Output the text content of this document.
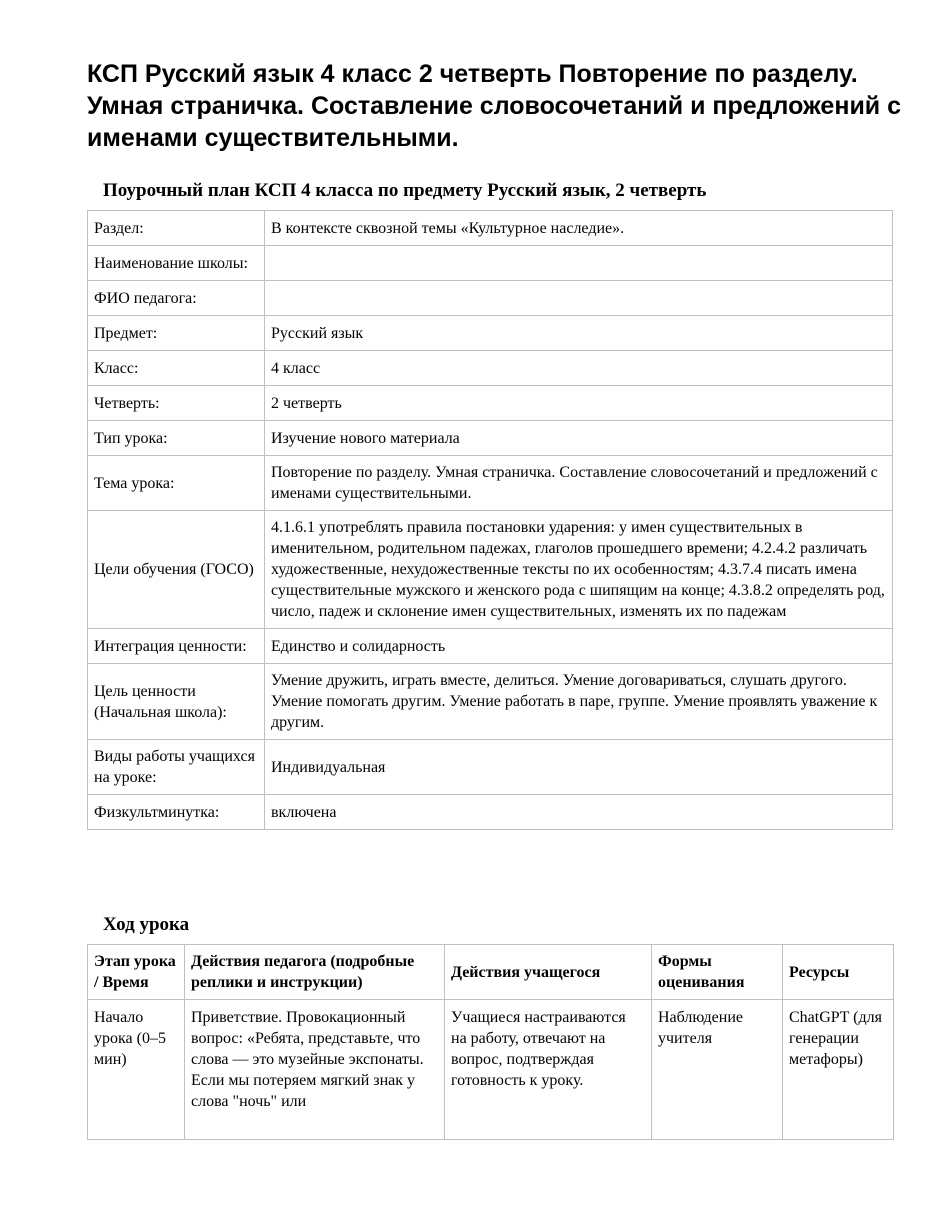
КСП Русский язык 4 класс 2 четверть Повторение по разделу. Умная страничка. Составление словосочетаний и предложений с именами существительными.
Поурочный план КСП 4 класса по предмету Русский язык, 2 четверть
Раздел:	В контексте сквозной темы «Культурное наследие».
Наименование школы:	
ФИО педагога:	
Предмет:	Русский язык
Класс:	4 класс
Четверть:	2 четверть
Тип урока:	Изучение нового материала
Тема урока:	Повторение по разделу. Умная страничка. Составление словосочетаний и предложений с именами существительными.
Цели обучения (ГОСО)	4.1.6.1 употреблять правила постановки ударения: у имен существительных в именительном, родительном падежах, глаголов прошедшего времени; 4.2.4.2 различать художественные, нехудожественные тексты по их особенностям; 4.3.7.4 писать имена существительные мужского и женского рода с шипящим на конце; 4.3.8.2 определять род, число, падеж и склонение имен существительных, изменять их по падежам
Интеграция ценности:	Единство и солидарность
Цель ценности (Начальная школа):	Умение дружить, играть вместе, делиться. Умение договариваться, слушать другого. Умение помогать другим. Умение работать в паре, группе. Умение проявлять уважение к другим.
Виды работы учащихся на уроке:	Индивидуальная
Физкультминутка:	включена
Ход урока
Этап урока / Время	Действия педагога (подробные реплики и инструкции)	Действия учащегося	Формы оценивания	Ресурсы
Начало урока (0–5 мин)	Приветствие. Провокационный вопрос: «Ребята, представьте, что слова — это музейные экспонаты. Если мы потеряем мягкий знак у слова "ночь" или	Учащиеся настраиваются на работу, отвечают на вопрос, подтверждая готовность к уроку.	Наблюдение учителя	ChatGPT (для генерации метафоры)
